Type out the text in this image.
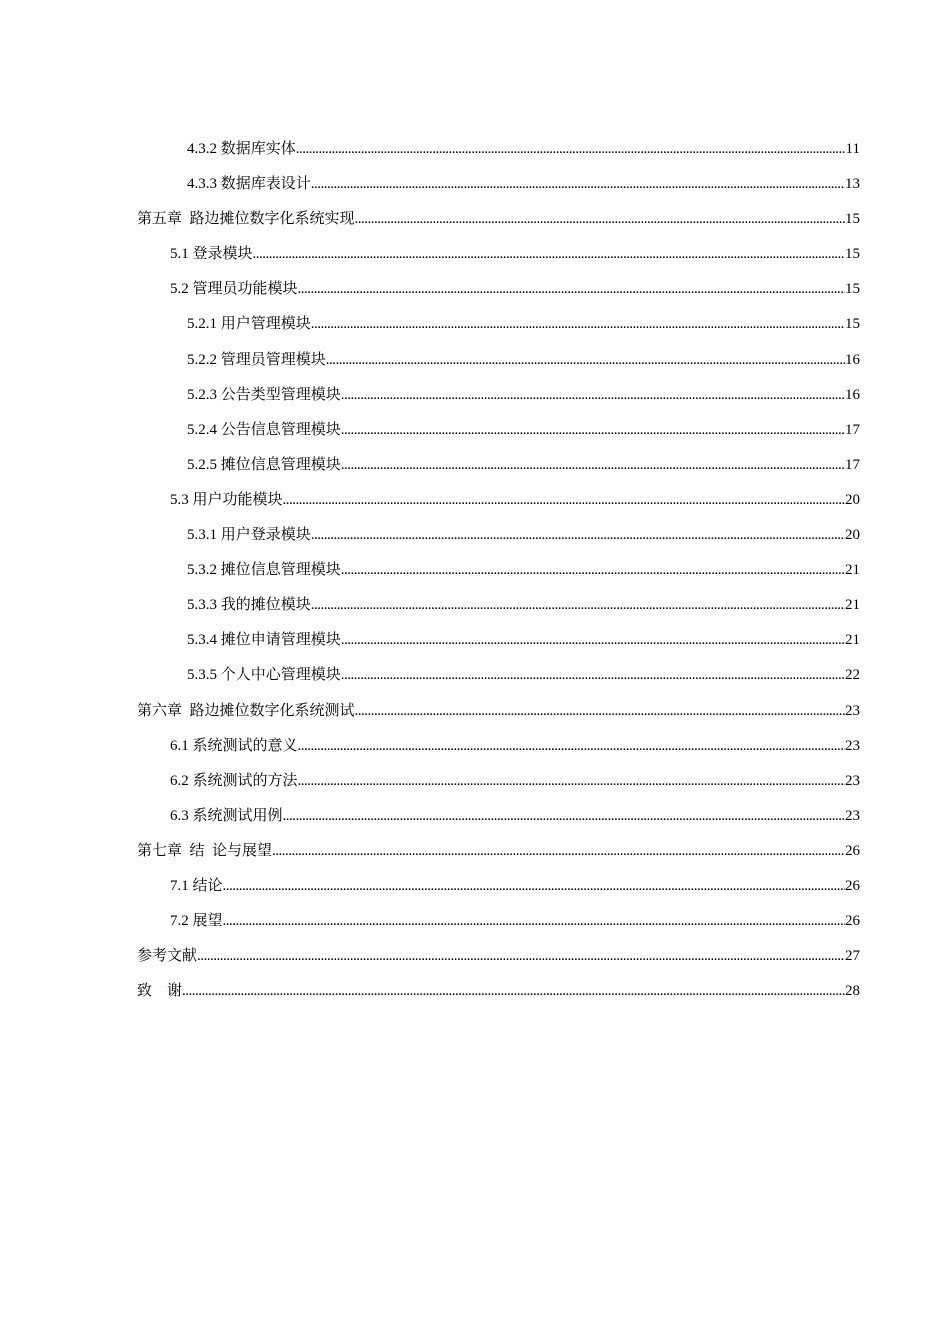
4.3.2 数据库实体 .....	11
4.3.3 数据库表设计 .....	13
第五章  路边摊位数字化系统实现 .....	15
5.1 登录模块 .....	15
5.2 管理员功能模块 .....	15
5.2.1 用户管理模块 .....	15
5.2.2 管理员管理模块 .....	16
5.2.3 公告类型管理模块 .....	16
5.2.4 公告信息管理模块 .....	17
5.2.5 摊位信息管理模块 .....	17
5.3 用户功能模块 .....	20
5.3.1 用户登录模块 .....	20
5.3.2 摊位信息管理模块 .....	21
5.3.3 我的摊位模块 .....	21
5.3.4 摊位申请管理模块 .....	21
5.3.5 个人中心管理模块 .....	22
第六章  路边摊位数字化系统测试 .....	23
6.1 系统测试的意义 .....	23
6.2 系统测试的方法 .....	23
6.3 系统测试用例 .....	23
第七章  结  论与展望 .....	26
7.1 结论 .....	26
7.2 展望 .....	26
参考文献 .....	27
致    谢 .....	28
